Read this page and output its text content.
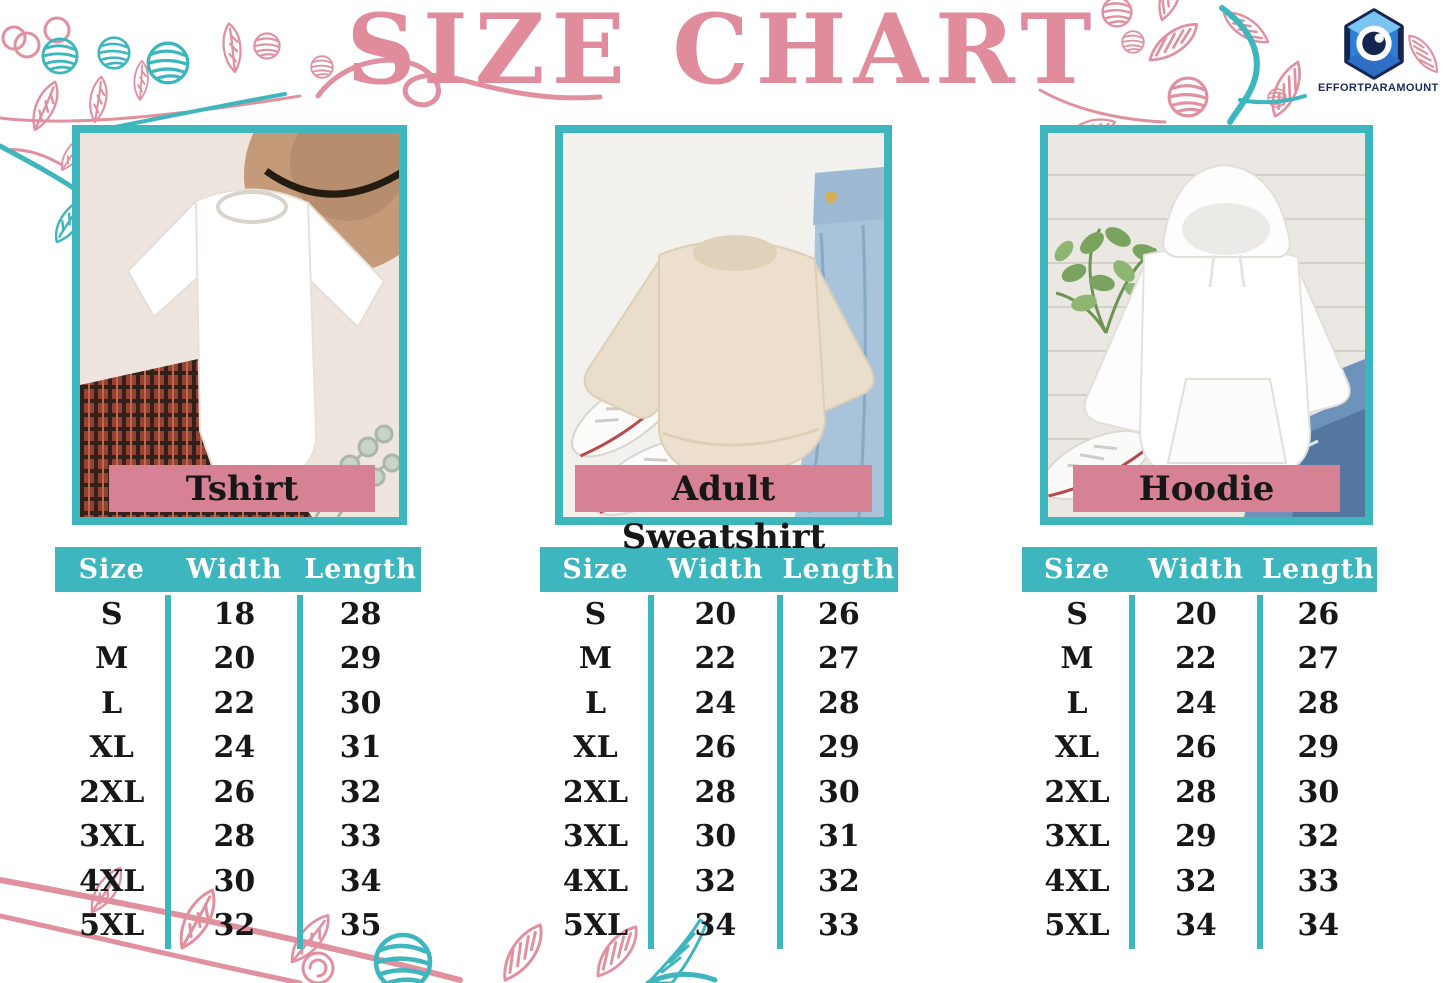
SIZE CHART	EFFORTPARAMOUNT
Tshirt	Adult Sweatshirt
Hoodie
Size	Width Length
S	18	28
M	20	29
L	22	30
XL	24	31
2XL	26	32
3XL	28	33
4XL	30	34
5XL	32	35
Size	Width Length
S	20	26
M	22	27
L	24	28
XL	26	29
2XL	28	30
3XL	30	31
4XL	32	32
5XL	34	33
Size	Width Length
S	20	26
M	22	27
L	24	28
XL	26	29
2XL	28	30
3XL	29	32
4XL	32	33
5XL	34	34
